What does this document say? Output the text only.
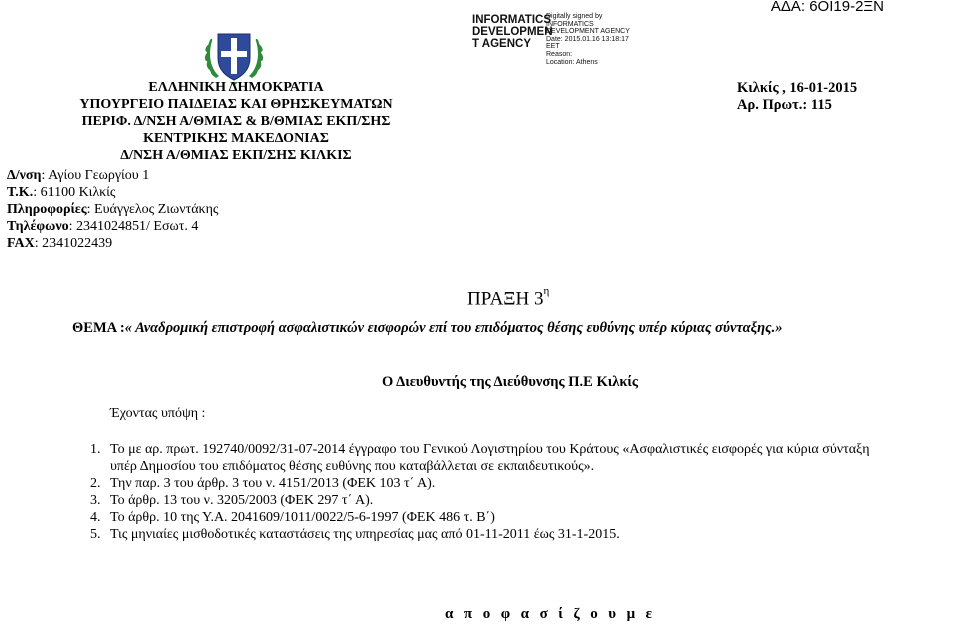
ΑΔΑ: 6ΟΙ19-2ΞΝ
INFORMATICS
DEVELOPMEN
T AGENCY
Digitally signed by
INFORMATICS
DEVELOPMENT AGENCY
Date: 2015.01.16 13:18:17
EET
Reason:
Location: Athens
ΕΛΛΗΝΙΚΗ ΔΗΜΟΚΡΑΤΙΑ
ΥΠΟΥΡΓΕΙΟ ΠΑΙΔΕΙΑΣ ΚΑΙ ΘΡΗΣΚΕΥΜΑΤΩΝ
ΠΕΡΙΦ. Δ/ΝΣΗ Α/ΘΜΙΑΣ & Β/ΘΜΙΑΣ ΕΚΠ/ΣΗΣ
ΚΕΝΤΡΙΚΗΣ ΜΑΚΕΔΟΝΙΑΣ
Δ/ΝΣΗ Α/ΘΜΙΑΣ ΕΚΠ/ΣΗΣ ΚΙΛΚΙΣ
Δ/νση: Αγίου Γεωργίου 1
Τ.Κ.: 61100 Κιλκίς
Πληροφορίες: Ευάγγελος Ζιωντάκης
Τηλέφωνο: 2341024851/ Εσωτ. 4
FAX: 2341022439
Κιλκίς , 16-01-2015
Αρ. Πρωτ.: 115
ΠΡΑΞΗ $3^\eta$
ΘΕΜΑ :« Αναδρομική επιστροφή ασφαλιστικών εισφορών επί του επιδόματος θέσης ευθύνης υπέρ κύριας σύνταξης.»
Ο Διευθυντής της Διεύθυνσης Π.Ε Κιλκίς
Έχοντας υπόψη :
1. Το με αρ. πρωτ. 192740/0092/31-07-2014 έγγραφο του Γενικού Λογιστηρίου του Κράτους «Ασφαλιστικές εισφορές για κύρια σύνταξη
υπέρ Δημοσίου του επιδόματος θέσης ευθύνης που καταβάλλεται σε εκπαιδευτικούς».
2. Την παρ. 3 του άρθρ. 3 του ν. 4151/2013 (ΦΕΚ 103 τ΄ Α).
3. Το άρθρ. 13 του ν. 3205/2003 (ΦΕΚ 297 τ΄ Α).
4. Το άρθρ. 10 της Υ.Α. 2041609/1011/0022/5-6-1997 (ΦΕΚ 486 τ. Β΄)
5. Τις μηνιαίες μισθοδοτικές καταστάσεις της υπηρεσίας μας από 01-11-2011 έως 31-1-2015.
α π ο φ α σ ί ζ ο υ μ ε
